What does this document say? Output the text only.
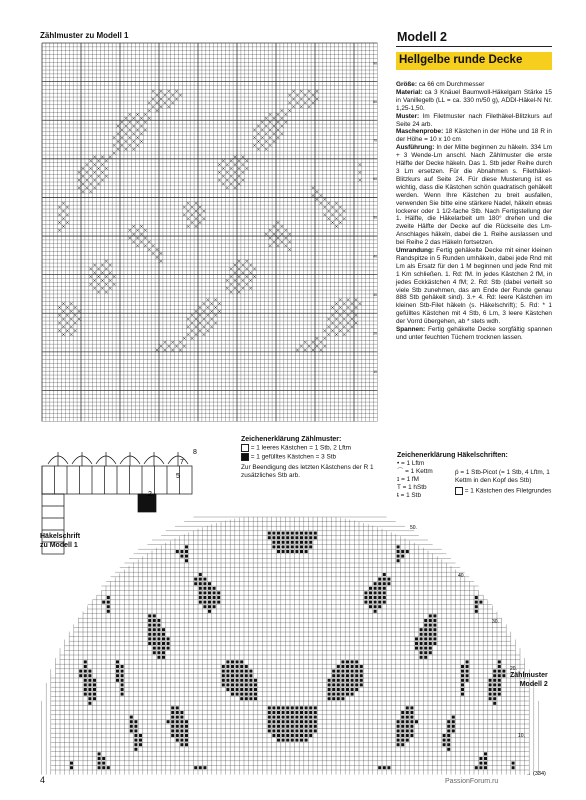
Zählmuster zu Modell 1
90
80
70
60
50
40
30
20
10
Modell 2
Hellgelbe runde Decke

Größe: ca 66 cm Durchmesser

Material: ca 3 Knäuel Baumwoll-Häkelgarn Stärke 15 in Vanillegelb (LL = ca. 330 m/50 g), ADDI-Häkel-N Nr. 1,25-1,50.

Muster: Im Filetmuster nach Filethäkel-Blitzkurs auf Seite 24 arb.

Maschenprobe: 18 Kästchen in der Höhe und 18 R in der Höhe = 10 x 10 cm

Ausführung: In der Mitte beginnen zu häkeln. 334 Lm + 3 Wende-Lm anschl. Nach Zählmuster die erste Hälfte der Decke häkeln. Das 1. Stb jeder Reihe durch 3 Lm ersetzen. Für die Abnahmen s. Filethäkel-Blitzkurs auf Seite 24. Für diese Musterung ist es wichtig, dass die Kästchen schön quadratisch gehäkelt werden. Wenn Ihre Kästchen zu breit ausfallen, verwenden Sie bitte eine stärkere Nadel, häkeln etwas lockerer oder 1 1/2-fache Stb. Nach Fertigstellung der 1. Hälfte, die Häkelarbeit um 180° drehen und die zweite Hälfte der Decke auf die Rückseite des Lm-Anschlages häkeln, dabei die 1. Reihe auslassen und bei Reihe 2 das Häkeln fortsetzen.

Umrandung: Fertig gehäkelte Decke mit einer kleinen Randspitze in 5 Runden umhäkeln, dabei jede Rnd mit Lm als Ersatz für den 1 M beginnen und jede Rnd mit 1 Km schließen. 1. Rd: fM. In jedes Kästchen 2 fM, in jedes Eckkästchen 4 fM; 2. Rd: Stb (dabei verteilt so viele Stb zunehmen, das am Ende der Runde genau 888 Stb gehäkelt sind). 3.+ 4. Rd: leere Kästchen im kleinen Stb-Filet häkeln (s. Häkelschrift); 5. Rd: * 1 gefülltes Kästchen mit 4 Stb, 6 Lm, 3 leere Kästchen der Vorrd übergehen, ab * stets wdh.

Spannen: Fertig gehäkelte Decke sorgfältig spannen und unter feuchten Tüchern trocknen lassen.

Zeichenerklärung Zählmuster:
= 1 leeres Kästchen = 1 Stb, 2 Lftm
= 1 gefülltes Kästchen = 3 Stb
Zur Beendigung des letzten Kästchens der R 1 zusätzliches Stb arb.
8
7
5
2
Häkelschrift
zu Modell 1
Zeichenerklärung Häkelschriften:
• = 1 Lftm
⌒ = 1 Kettm
ɪ = 1 fM
T = 1 hStb
ŧ = 1 Stb
ṕ = 1 Stb-Picot (= 1 Stb, 4 Lftm, 1 Kettm in den Kopf des Stb)
= 1 Kästchen des Filetgrundes
50.
40.
30.
20.
10.
→ (334)
Zählmuster
Modell 2
4	PassionForum.ru
